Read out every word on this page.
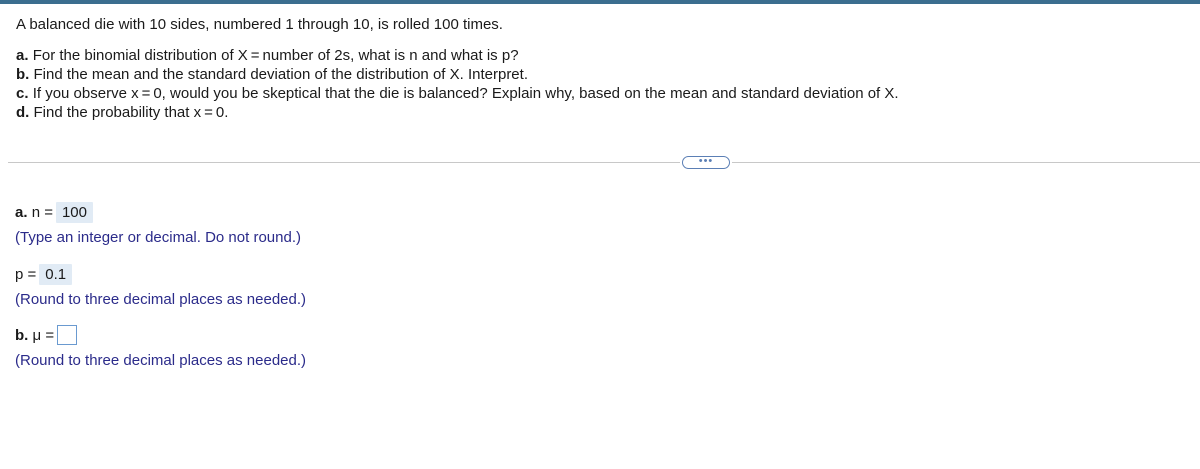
A balanced die with 10 sides, numbered 1 through 10, is rolled 100 times.

a. For the binomial distribution of X = number of 2s, what is n and what is p?

b. Find the mean and the standard deviation of the distribution of X. Interpret.

c. If you observe x = 0, would you be skeptical that the die is balanced? Explain why, based on the mean and standard deviation of X.

d. Find the probability that x = 0.

•••
a. n = 100
(Type an integer or decimal. Do not round.)
p = 0.1
(Round to three decimal places as needed.)
b. μ =
(Round to three decimal places as needed.)
